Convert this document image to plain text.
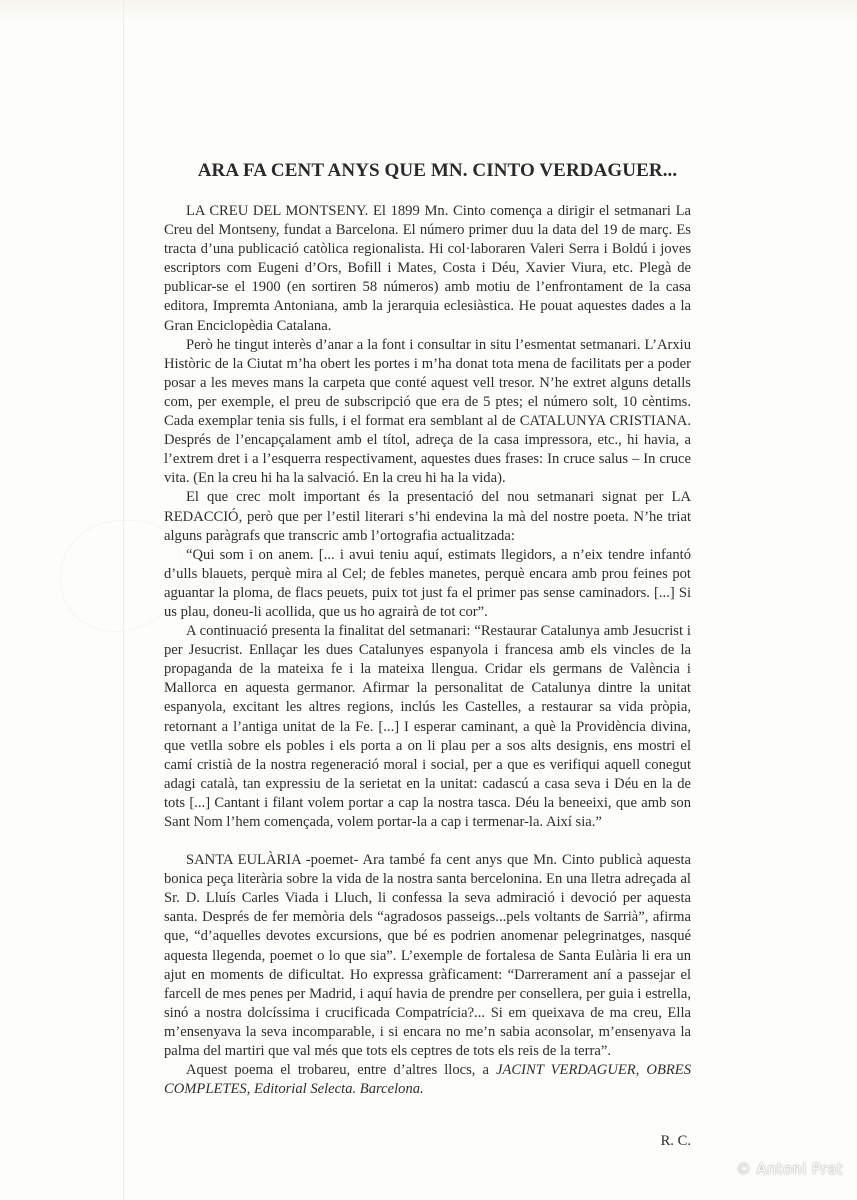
ARA FA CENT ANYS QUE MN. CINTO VERDAGUER...

LA CREU DEL MONTSENY. El 1899 Mn. Cinto comença a dirigir el setmanari La Creu del Montseny, fundat a Barcelona. El número primer duu la data del 19 de març. Es tracta d’una publicació catòlica regionalista. Hi col·laboraren Valeri Serra i Boldú i joves escriptors com Eugeni d’Ors, Bofill i Mates, Costa i Déu, Xavier Viura, etc. Plegà de publicar-se el 1900 (en sortiren 58 números) amb motiu de l’enfrontament de la casa editora, Impremta Antoniana, amb la jerarquia eclesiàstica. He pouat aquestes dades a la Gran Enciclopèdia Catalana.

Però he tingut interès d’anar a la font i consultar in situ l’esmentat setmanari. L’Arxiu Històric de la Ciutat m’ha obert les portes i m’ha donat tota mena de facilitats per a poder posar a les meves mans la carpeta que conté aquest vell tresor. N’he extret alguns detalls com, per exemple, el preu de subscripció que era de 5 ptes; el número solt, 10 cèntims. Cada exemplar tenia sis fulls, i el format era semblant al de CATALUNYA CRISTIANA. Després de l’encapçalament amb el títol, adreça de la casa impressora, etc., hi havia, a l’extrem dret i a l’esquerra respectivament, aquestes dues frases: In cruce salus – In cruce vita. (En la creu hi ha la salvació. En la creu hi ha la vida).

El que crec molt important és la presentació del nou setmanari signat per LA REDACCIÓ, però que per l’estil literari s’hi endevina la mà del nostre poeta. N’he triat alguns paràgrafs que transcric amb l’ortografia actualitzada:

“Qui som i on anem. [... i avui teniu aquí, estimats llegidors, a n’eix tendre infantó d’ulls blauets, perquè mira al Cel; de febles manetes, perquè encara amb prou feines pot aguantar la ploma, de flacs peuets, puix tot just fa el primer pas sense caminadors. [...] Si us plau, doneu-li acollida, que us ho agrairà de tot cor”.

A continuació presenta la finalitat del setmanari: “Restaurar Catalunya amb Jesucrist i per Jesucrist. Enllaçar les dues Catalunyes espanyola i francesa amb els vincles de la propaganda de la mateixa fe i la mateixa llengua. Cridar els germans de València i Mallorca en aquesta germanor. Afirmar la personalitat de Catalunya dintre la unitat espanyola, excitant les altres regions, inclús les Castelles, a restaurar sa vida pròpia, retornant a l’antiga unitat de la Fe. [...] I esperar caminant, a què la Providència divina, que vetlla sobre els pobles i els porta a on li plau per a sos alts designis, ens mostri el camí cristià de la nostra regeneració moral i social, per a que es verifiqui aquell conegut adagi català, tan expressiu de la serietat en la unitat: cadascú a casa seva i Déu en la de tots [...] Cantant i filant volem portar a cap la nostra tasca. Déu la beneeixi, que amb son Sant Nom l’hem començada, volem portar-la a cap i termenar-la. Així sia.”

SANTA EULÀRIA -poemet- Ara també fa cent anys que Mn. Cinto publicà aquesta bonica peça literària sobre la vida de la nostra santa bercelonina. En una lletra adreçada al Sr. D. Lluís Carles Viada i Lluch, li confessa la seva admiració i devoció per aquesta santa. Després de fer memòria dels “agradosos passeigs...pels voltants de Sarrià”, afirma que, “d’aquelles devotes excursions, que bé es podrien anomenar pelegrinatges, nasqué aquesta llegenda, poemet o lo que sia”. L’exemple de fortalesa de Santa Eulària li era un ajut en moments de dificultat. Ho expressa gràficament: “Darrerament aní a passejar el farcell de mes penes per Madrid, i aquí havia de prendre per consellera, per guia i estrella, sinó a nostra dolcíssima i crucificada Compatrícia?... Si em queixava de ma creu, Ella m’ensenyava la seva incomparable, i si encara no me’n sabia aconsolar, m’ensenyava la palma del martiri que val més que tots els ceptres de tots els reis de la terra”.

Aquest poema el trobareu, entre d’altres llocs, a JACINT VERDAGUER, OBRES COMPLETES, Editorial Selecta. Barcelona.

R. C.
© Antoni Prat
